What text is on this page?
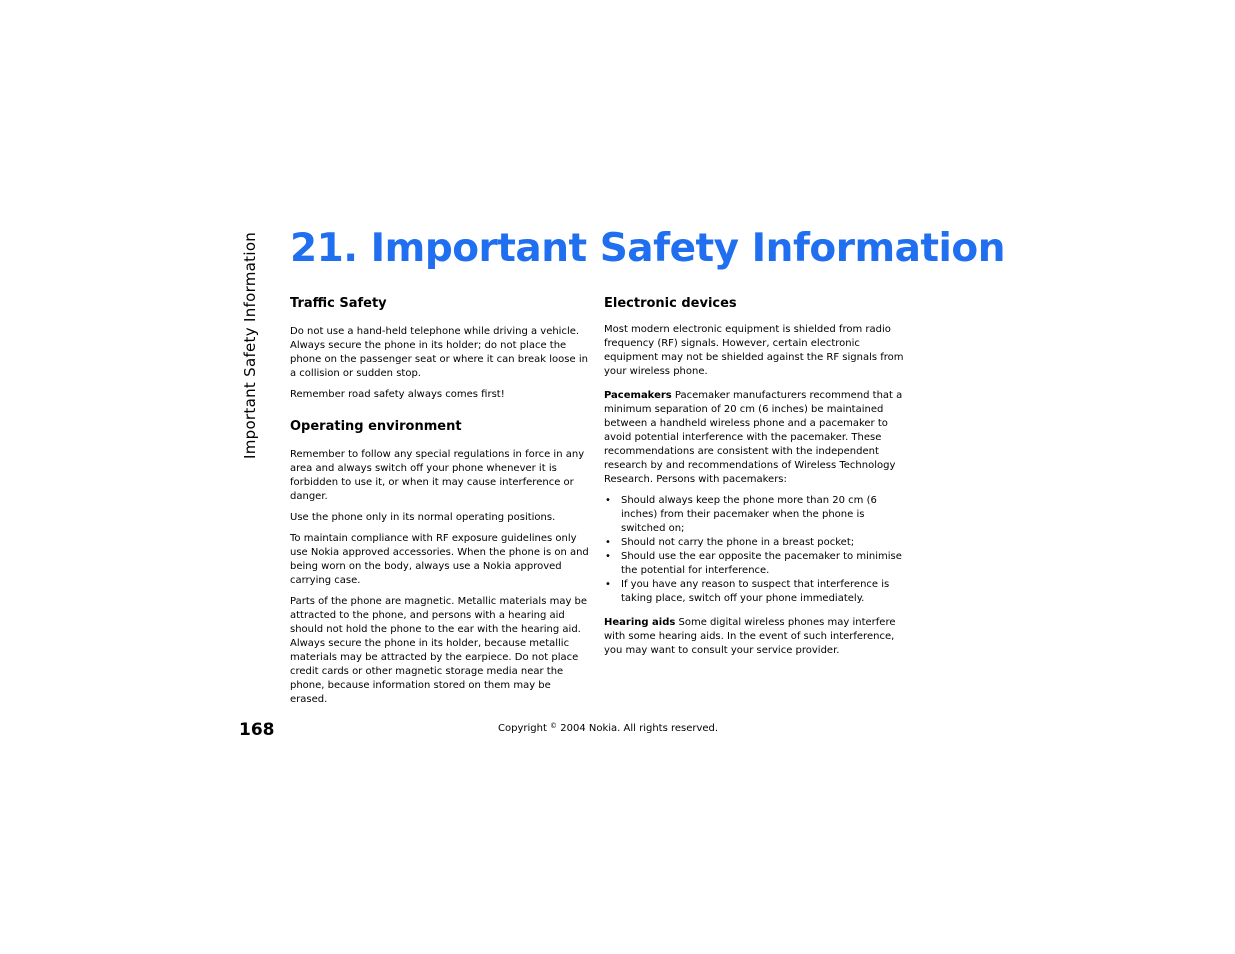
Important Safety Information 21. Important Safety Information
Traffic Safety

Do not use a hand-held telephone while driving a vehicle. Always secure the phone in its holder; do not place the phone on the passenger seat or where it can break loose in a collision or sudden stop.

Remember road safety always comes first!

Operating environment

Remember to follow any special regulations in force in any area and always switch off your phone whenever it is forbidden to use it, or when it may cause interference or danger.

Use the phone only in its normal operating positions.

To maintain compliance with RF exposure guidelines only use Nokia approved accessories. When the phone is on and being worn on the body, always use a Nokia approved carrying case.

Parts of the phone are magnetic. Metallic materials may be attracted to the phone, and persons with a hearing aid should not hold the phone to the ear with the hearing aid. Always secure the phone in its holder, because metallic materials may be attracted by the earpiece. Do not place credit cards or other magnetic storage media near the phone, because information stored on them may be erased.

Electronic devices

Most modern electronic equipment is shielded from radio frequency (RF) signals. However, certain electronic equipment may not be shielded against the RF signals from your wireless phone.

Pacemakers Pacemaker manufacturers recommend that a minimum separation of 20 cm (6 inches) be maintained between a handheld wireless phone and a pacemaker to avoid potential interference with the pacemaker. These recommendations are consistent with the independent research by and recommendations of Wireless Technology Research. Persons with pacemakers:

• Should always keep the phone more than 20 cm (6 inches) from their pacemaker when the phone is switched on;
• Should not carry the phone in a breast pocket;
• Should use the ear opposite the pacemaker to minimise the potential for interference.
• If you have any reason to suspect that interference is taking place, switch off your phone immediately.

Hearing aids Some digital wireless phones may interfere with some hearing aids. In the event of such interference, you may want to consult your service provider.

168	Copyright © 2004 Nokia. All rights reserved.
